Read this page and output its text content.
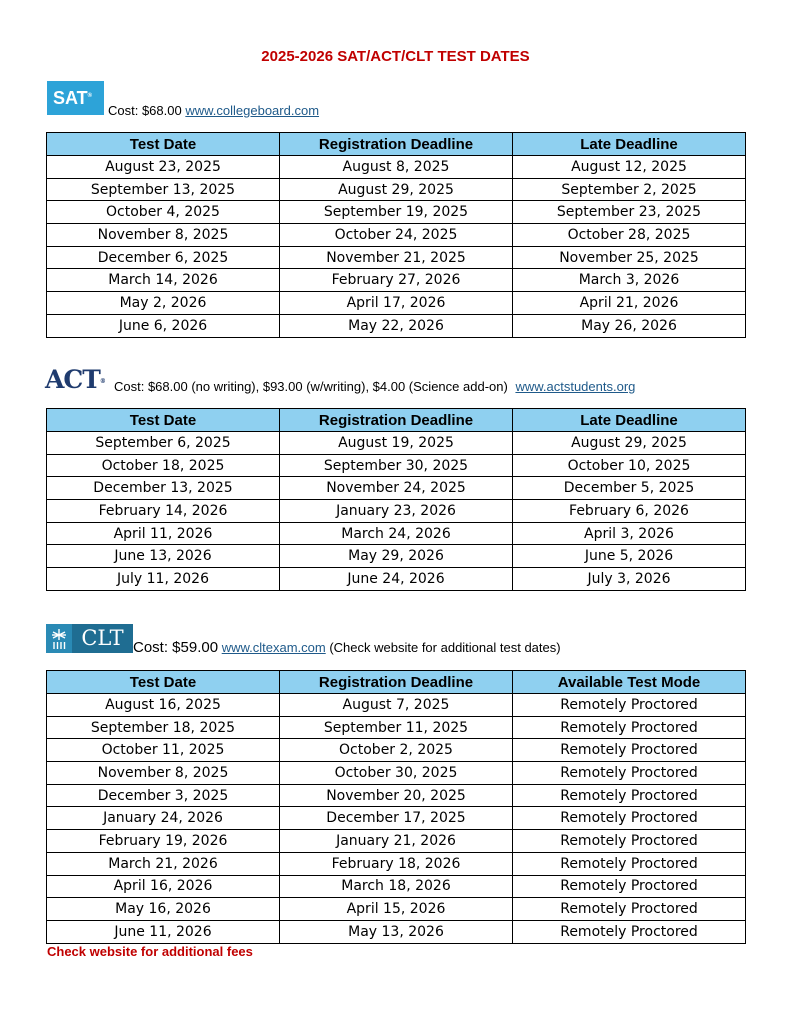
2025-2026 SAT/ACT/CLT TEST DATES
SAT®
Cost: $68.00 www.collegeboard.com
Test Date	Registration Deadline	Late Deadline
August 23, 2025	August 8, 2025	August 12, 2025
September 13, 2025	August 29, 2025	September 2, 2025
October 4, 2025	September 19, 2025	September 23, 2025
November 8, 2025	October 24, 2025	October 28, 2025
December 6, 2025	November 21, 2025	November 25, 2025
March 14, 2026	February 27, 2026	March 3, 2026
May 2, 2026	April 17, 2026	April 21, 2026
June 6, 2026	May 22, 2026	May 26, 2026
ACT® Cost: $68.00 (no writing), $93.00 (w/writing), $4.00 (Science add-on) www.actstudents.org
Test Date	Registration Deadline	Late Deadline
September 6, 2025	August 19, 2025	August 29, 2025
October 18, 2025	September 30, 2025	October 10, 2025
December 13, 2025	November 24, 2025	December 5, 2025
February 14, 2026	January 23, 2026	February 6, 2026
April 11, 2026	March 24, 2026	April 3, 2026
June 13, 2026	May 29, 2026	June 5, 2026
July 11, 2026	June 24, 2026	July 3, 2026
CLT Cost: $59.00 www.cltexam.com (Check website for additional test dates)
Test Date	Registration Deadline	Available Test Mode
August 16, 2025	August 7, 2025	Remotely Proctored
September 18, 2025	September 11, 2025	Remotely Proctored
October 11, 2025	October 2, 2025	Remotely Proctored
November 8, 2025	October 30, 2025	Remotely Proctored
December 3, 2025	November 20, 2025	Remotely Proctored
January 24, 2026	December 17, 2025	Remotely Proctored
February 19, 2026	January 21, 2026	Remotely Proctored
March 21, 2026	February 18, 2026	Remotely Proctored
April 16, 2026	March 18, 2026	Remotely Proctored
May 16, 2026	April 15, 2026	Remotely Proctored
June 11, 2026	May 13, 2026	Remotely Proctored
Check website for additional fees
